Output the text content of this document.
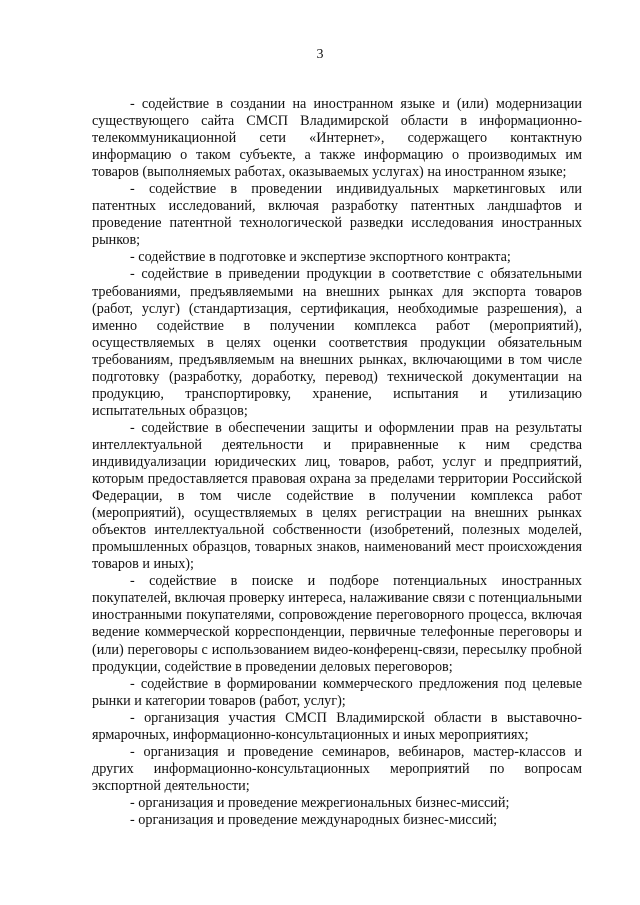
3

- содействие в создании на иностранном языке и (или) модернизации существующего сайта СМСП Владимирской области в информационно-телекоммуникационной сети «Интернет», содержащего контактную информацию о таком субъекте, а также информацию о производимых им товаров (выполняемых работах, оказываемых услугах) на иностранном языке;

- содействие в проведении индивидуальных маркетинговых или патентных исследований, включая разработку патентных ландшафтов и проведение патентной технологической разведки исследования иностранных рынков;

- содействие в подготовке и экспертизе экспортного контракта;

- содействие в приведении продукции в соответствие с обязательными требованиями, предъявляемыми на внешних рынках для экспорта товаров (работ, услуг) (стандартизация, сертификация, необходимые разрешения), а именно содействие в получении комплекса работ (мероприятий), осуществляемых в целях оценки соответствия продукции обязательным требованиям, предъявляемым на внешних рынках, включающими в том числе подготовку (разработку, доработку, перевод) технической документации на продукцию, транспортировку, хранение, испытания и утилизацию испытательных образцов;

- содействие в обеспечении защиты и оформлении прав на результаты интеллектуальной деятельности и приравненные к ним средства индивидуализации юридических лиц, товаров, работ, услуг и предприятий, которым предоставляется правовая охрана за пределами территории Российской Федерации, в том числе содействие в получении комплекса работ (мероприятий), осуществляемых в целях регистрации на внешних рынках объектов интеллектуальной собственности (изобретений, полезных моделей, промышленных образцов, товарных знаков, наименований мест происхождения товаров и иных);

- содействие в поиске и подборе потенциальных иностранных покупателей, включая проверку интереса, налаживание связи с потенциальными иностранными покупателями, сопровождение переговорного процесса, включая ведение коммерческой корреспонденции, первичные телефонные переговоры и (или) переговоры с использованием видео-конференц-связи, пересылку пробной продукции, содействие в проведении деловых переговоров;

- содействие в формировании коммерческого предложения под целевые рынки и категории товаров (работ, услуг);

- организация участия СМСП Владимирской области в выставочно-ярмарочных, информационно-консультационных и иных мероприятиях;

- организация и проведение семинаров, вебинаров, мастер-классов и других информационно-консультационных мероприятий по вопросам экспортной деятельности;

- организация и проведение межрегиональных бизнес-миссий;

- организация и проведение международных бизнес-миссий;
